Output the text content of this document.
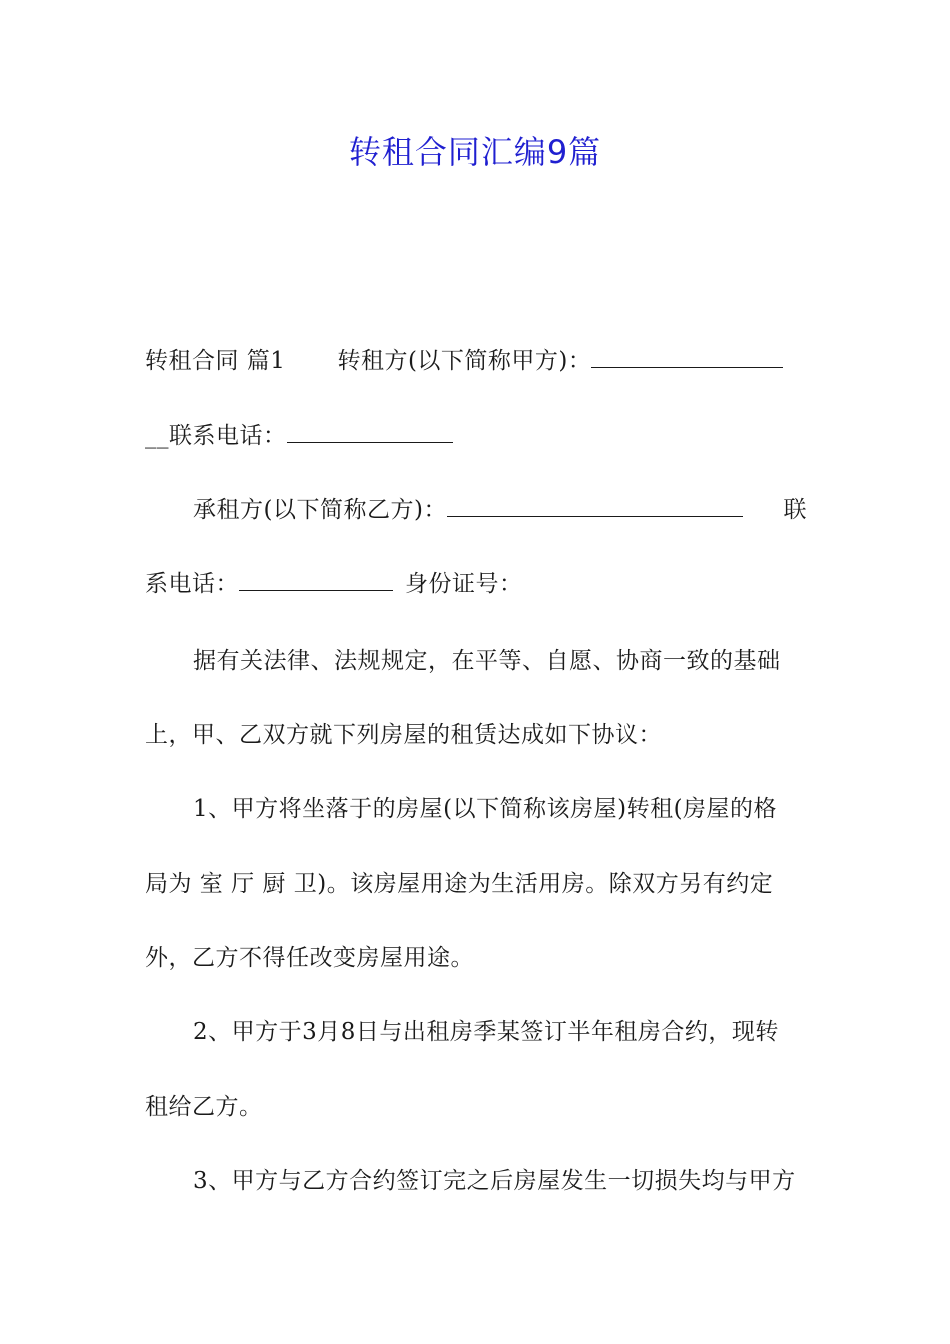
转租合同汇编9篇
转租合同 篇1 转租方(以下简称甲方)：
__联系电话：
承租方(以下简称乙方)：	联
系电话：	身份证号：
据有关法律、法规规定，在平等、自愿、协商一致的基础
上，甲、乙双方就下列房屋的租赁达成如下协议：
1、甲方将坐落于的房屋(以下简称该房屋)转租(房屋的格
局为 室 厅 厨 卫)。该房屋用途为生活用房。除双方另有约定
外，乙方不得任改变房屋用途。
2、甲方于3月8日与出租房季某签订半年租房合约，现转
租给乙方。
3、甲方与乙方合约签订完之后房屋发生一切损失均与甲方
